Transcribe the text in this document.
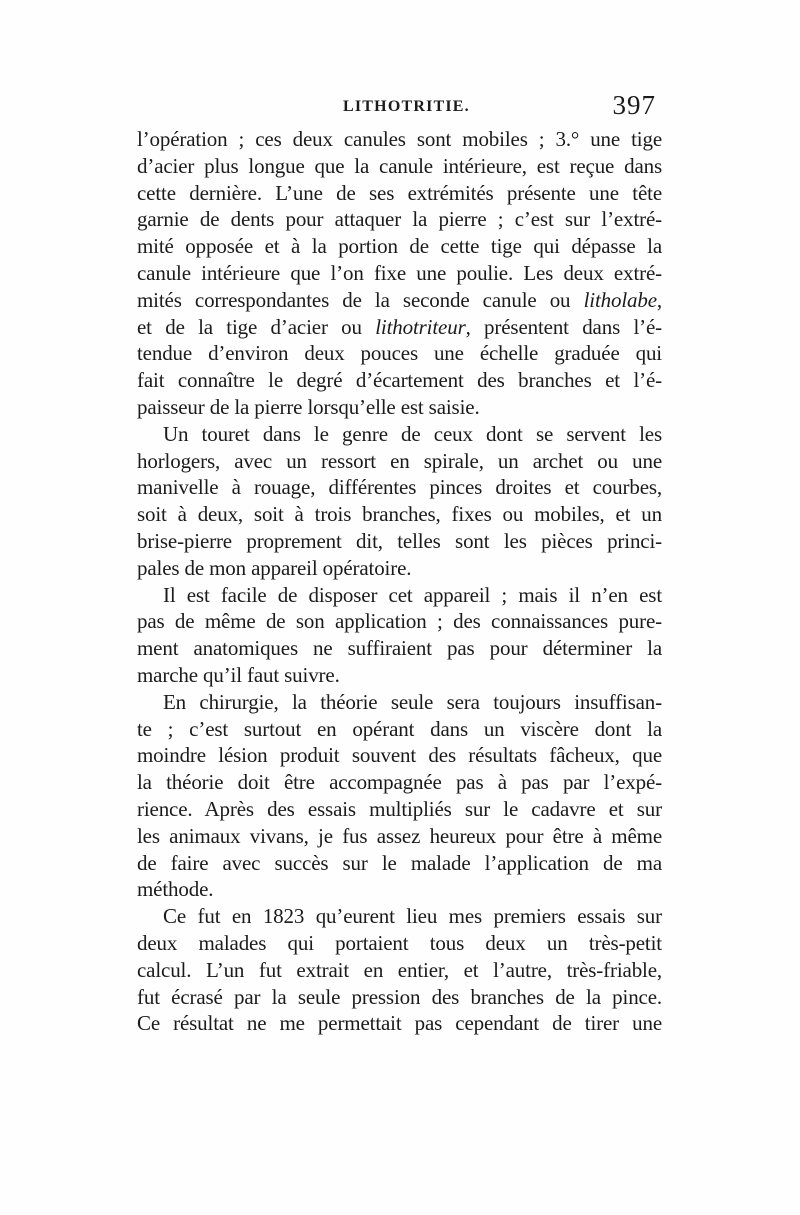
LITHOTRITIE.	397
l’opération ; ces deux canules sont mobiles ; 3.° une tige
d’acier plus longue que la canule intérieure, est reçue dans
cette dernière. L’une de ses extrémités présente une tête
garnie de dents pour attaquer la pierre ; c’est sur l’extré-
mité opposée et à la portion de cette tige qui dépasse la
canule intérieure que l’on fixe une poulie. Les deux extré-
mités correspondantes de la seconde canule ou litholabe,
et de la tige d’acier ou lithotriteur, présentent dans l’é-
tendue d’environ deux pouces une échelle graduée qui
fait connaître le degré d’écartement des branches et l’é-
paisseur de la pierre lorsqu’elle est saisie.
Un touret dans le genre de ceux dont se servent les
horlogers, avec un ressort en spirale, un archet ou une
manivelle à rouage, différentes pinces droites et courbes,
soit à deux, soit à trois branches, fixes ou mobiles, et un
brise-pierre proprement dit, telles sont les pièces princi-
pales de mon appareil opératoire.
Il est facile de disposer cet appareil ; mais il n’en est
pas de même de son application ; des connaissances pure-
ment anatomiques ne suffiraient pas pour déterminer la
marche qu’il faut suivre.
En chirurgie, la théorie seule sera toujours insuffisan-
te ; c’est surtout en opérant dans un viscère dont la
moindre lésion produit souvent des résultats fâcheux, que
la théorie doit être accompagnée pas à pas par l’expé-
rience. Après des essais multipliés sur le cadavre et sur
les animaux vivans, je fus assez heureux pour être à même
de faire avec succès sur le malade l’application de ma
méthode.
Ce fut en 1823 qu’eurent lieu mes premiers essais sur
deux malades qui portaient tous deux un très-petit
calcul. L’un fut extrait en entier, et l’autre, très-friable,
fut écrasé par la seule pression des branches de la pince.
Ce résultat ne me permettait pas cependant de tirer une
